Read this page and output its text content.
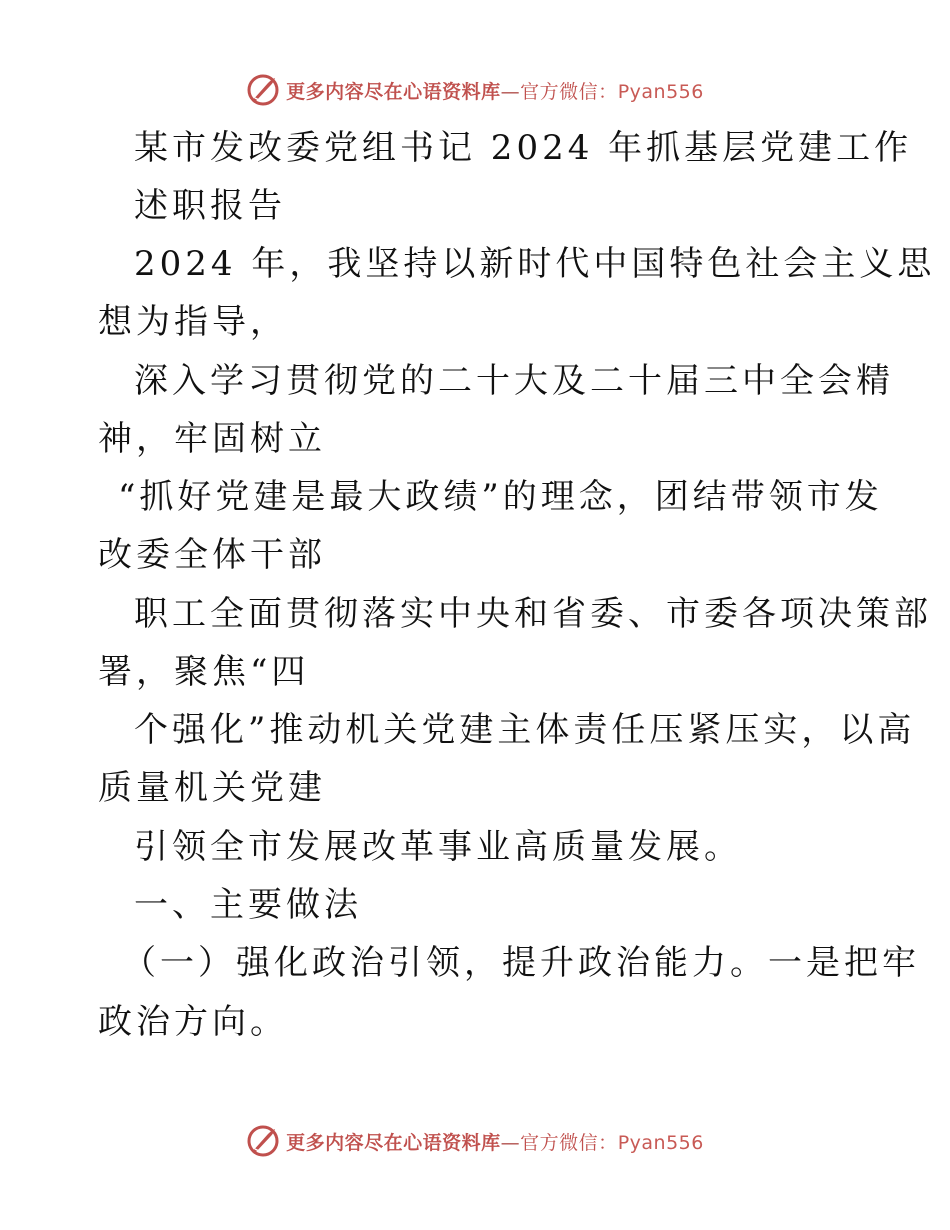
更多内容尽在心语资料库—官方微信：Pyan556
某市发改委党组书记 2024 年抓基层党建工作
述职报告
2024 年，我坚持以新时代中国特色社会主义思
想为指导，
深入学习贯彻党的二十大及二十届三中全会精
神，牢固树立
“抓好党建是最大政绩”的理念，团结带领市发
改委全体干部
职工全面贯彻落实中央和省委、市委各项决策部
署，聚焦“四
个强化”推动机关党建主体责任压紧压实，以高
质量机关党建
引领全市发展改革事业高质量发展。
一、主要做法
（一）强化政治引领，提升政治能力。一是把牢
政治方向。
更多内容尽在心语资料库—官方微信：Pyan556
